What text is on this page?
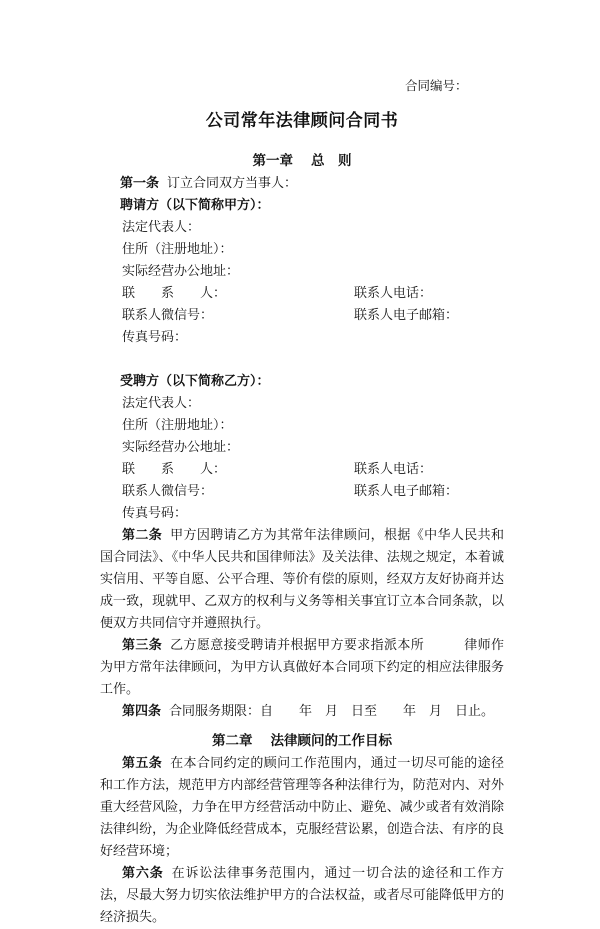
合同编号：
公司常年法律顾问合同书
第一章 总　则
第一条 订立合同双方当事人：
聘请方（以下简称甲方）：
法定代表人：
住所（注册地址）：
实际经营办公地址：
联　　系　　人：	联系人电话：
联系人微信号：	联系人电子邮箱：
传真号码：
受聘方（以下简称乙方）：
法定代表人：
住所（注册地址）：
实际经营办公地址：
联　　系　　人：	联系人电话：
联系人微信号：	联系人电子邮箱：
传真号码：

第二条 甲方因聘请乙方为其常年法律顾问，根据《中华人民共和国合同法》、《中华人民共和国律师法》及关法律、法规之规定，本着诚实信用、平等自愿、公平合理、等价有偿的原则，经双方友好协商并达成一致，现就甲、乙双方的权利与义务等相关事宜订立本合同条款，以便双方共同信守并遵照执行。

第三条 乙方愿意接受聘请并根据甲方要求指派本所　　　律师作为甲方常年法律顾问，为甲方认真做好本合同项下约定的相应法律服务工作。

第四条 合同服务期限：自　　年　月　日至　　年　月　日止。

第二章 法律顾问的工作目标

第五条 在本合同约定的顾问工作范围内，通过一切尽可能的途径和工作方法，规范甲方内部经营管理等各种法律行为，防范对内、对外重大经营风险，力争在甲方经营活动中防止、避免、减少或者有效消除法律纠纷，为企业降低经营成本，克服经营讼累，创造合法、有序的良好经营环境；

第六条 在诉讼法律事务范围内，通过一切合法的途径和工作方法，尽最大努力切实依法维护甲方的合法权益，或者尽可能降低甲方的经济损失。
